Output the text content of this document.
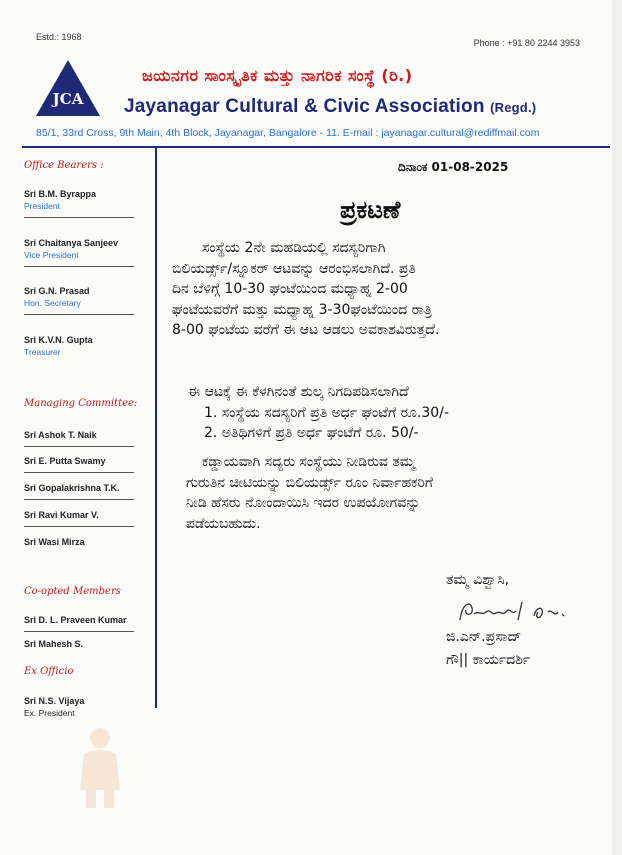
Estd.: 1968
Phone : +91 80 2244 3953
JCA
ಜಯನಗರ ಸಾಂಸ್ಕೃತಿಕ ಮತ್ತು ನಾಗರಿಕ ಸಂಸ್ಥೆ (ರಿ.)
Jayanagar Cultural & Civic Association (Regd.)
85/1, 33rd Cross, 9th Main, 4th Block, Jayanagar, Bangalore - 11. E-mail : jayanagar.cultural@rediffmail.com
Office Bearers :
Sri B.M. Byrappa
President
Sri Chaitanya Sanjeev
Vice President
Sri G.N. Prasad
Hon. Secretary
Sri K.V.N. Gupta
Treasurer
Managing Committee:
Sri Ashok T. Naik
Sri E. Putta Swamy
Sri Gopalakrishna T.K.
Sri Ravi Kumar V.
Sri Wasi Mirza
Co-opted Members
Sri D. L. Praveen Kumar
Sri Mahesh S.
Ex Officio
Sri N.S. Vijaya
Ex. President
ದಿನಾಂಕ 01-08-2025
ಪ್ರಕಟಣೆ
ಸಂಸ್ಥೆಯ 2ನೇ ಮಹಡಿಯಲ್ಲಿ ಸದಸ್ಯರಿಗಾಗಿ
ಬಿಲಿಯರ್ಡ್ಸ್/ಸ್ನೂಕರ್ ಆಟವನ್ನು ಆರಂಭಿಸಲಾಗಿದೆ. ಪ್ರತಿ
ದಿನ ಬೆಳಿಗ್ಗೆ 10-30 ಘಂಟೆಯಿಂದ ಮಧ್ಯಾಹ್ನ 2-00
ಘಂಟೆಯವರೆಗೆ ಮತ್ತು ಮಧ್ಯಾಹ್ನ 3-30ಘಂಟೆಯಿಂದ ರಾತ್ರಿ
8-00 ಘಂಟೆಯ ವರೆಗೆ ಈ ಆಟ ಆಡಲು ಅವಕಾಶವಿರುತ್ತದೆ.
ಈ ಆಟಕ್ಕೆ ಈ ಕೆಳಗಿನಂತೆ ಶುಲ್ಕ ನಿಗದಿಪಡಿಸಲಾಗಿದೆ
1. ಸಂಸ್ಥೆಯ ಸದಸ್ಯರಿಗೆ ಪ್ರತಿ ಅರ್ಧ ಘಂಟೆಗೆ ರೂ.30/-
2. ಅತಿಥಿಗಳಿಗೆ ಪ್ರತಿ ಅರ್ಧ ಘಂಟೆಗೆ ರೂ. 50/-
ಕಡ್ಡಾಯವಾಗಿ ಸದ್ಯರು ಸಂಸ್ಥೆಯು ನೀಡಿರುವ ತಮ್ಮ
ಗುರುತಿನ ಚೀಟಿಯನ್ನು ಬಿಲಿಯರ್ಡ್ಸ್ ರೂಂ ನಿರ್ವಾಹಕರಿಗೆ
ನೀಡಿ ಹೆಸರು ನೋಂದಾಯಿಸಿ ಇದರ ಉಪಯೋಗವನ್ನು
ಪಡೆಯಬಹುದು.
ತಮ್ಮ ವಿಶ್ವಾಸಿ,
ಜಿ.ಎನ್.ಪ್ರಸಾದ್
ಗೌ|| ಕಾರ್ಯದರ್ಶಿ
